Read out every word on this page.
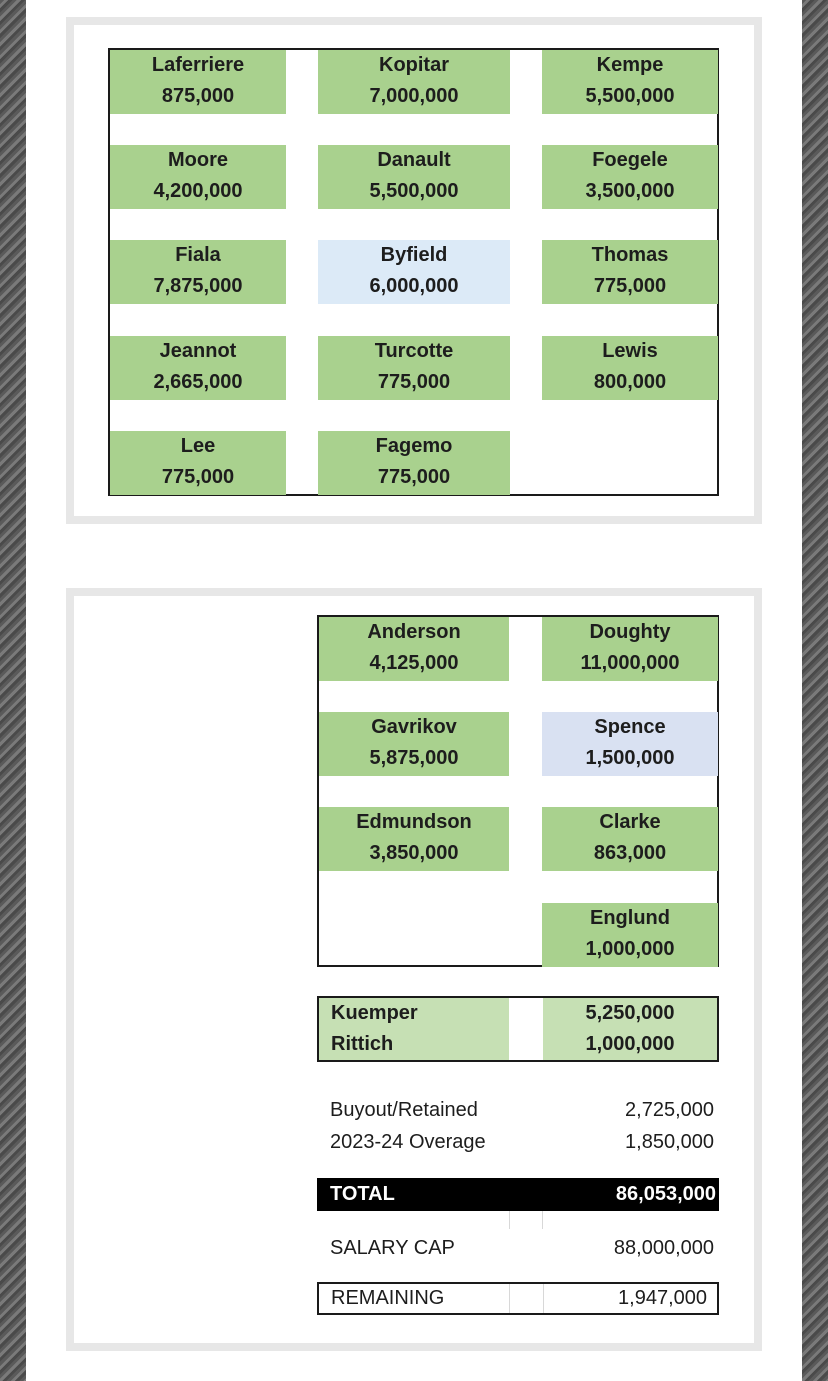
Laferriere
875,000
Kopitar
7,000,000
Kempe
5,500,000
Moore
4,200,000
Danault
5,500,000
Foegele
3,500,000
Fiala
7,875,000
Byfield
6,000,000
Thomas
775,000
Jeannot
2,665,000
Turcotte
775,000
Lewis
800,000
Lee
775,000
Fagemo
775,000
Anderson
4,125,000
Doughty
11,000,000
Gavrikov
5,875,000
Spence
1,500,000
Edmundson
3,850,000
Clarke
863,000
Englund
1,000,000
Kuemper	5,250,000
Rittich	1,000,000
Buyout/Retained	2,725,000
2023-24 Overage	1,850,000
TOTAL	86,053,000
SALARY CAP	88,000,000
REMAINING	1,947,000
